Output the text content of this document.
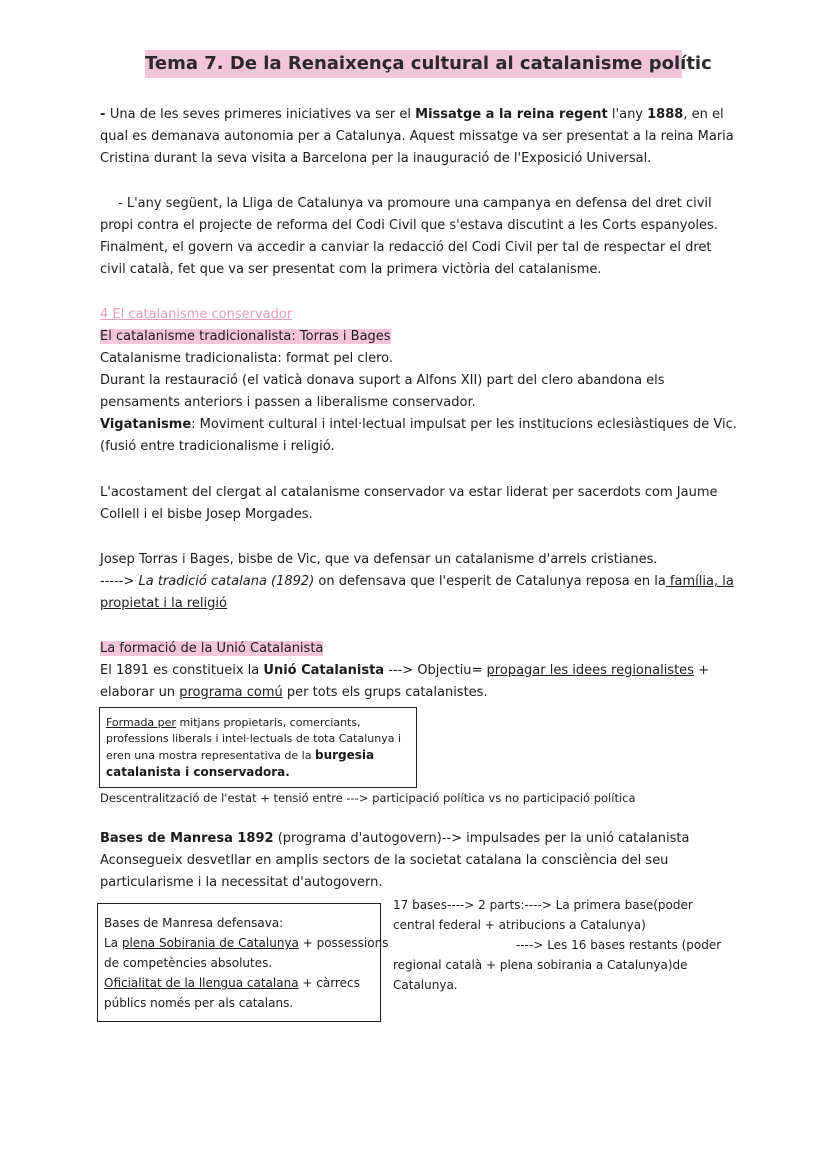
Tema 7. De la Renaixença cultural al catalanisme polític
- Una de les seves primeres iniciatives va ser el Missatge a la reina regent l'any 1888, en el
qual es demanava autonomia per a Catalunya. Aquest missatge va ser presentat a la reina Maria
Cristina durant la seva visita a Barcelona per la inauguració de l'Exposició Universal.
- L'any següent, la Lliga de Catalunya va promoure una campanya en defensa del dret civil
propi contra el projecte de reforma del Codi Civil que s'estava discutint a les Corts espanyoles.
Finalment, el govern va accedir a canviar la redacció del Codi Civil per tal de respectar el dret
civil català, fet que va ser presentat com la primera victòria del catalanisme.
4 El catalanisme conservador
El catalanisme tradicionalista: Torras i Bages
Catalanisme tradicionalista: format pel clero.
Durant la restauració (el vaticà donava suport a Alfons XII) part del clero abandona els
pensaments anteriors i passen a liberalisme conservador.
Vigatanisme: Moviment cultural i intel·lectual impulsat per les institucions eclesiàstiques de Vic.
(fusió entre tradicionalisme i religió.
L'acostament del clergat al catalanisme conservador va estar liderat per sacerdots com Jaume
Collell i el bisbe Josep Morgades.
Josep Torras i Bages, bisbe de Vic, que va defensar un catalanisme d'arrels cristianes.
-----> La tradició catalana (1892) on defensava que l'esperit de Catalunya reposa en la família, la
propietat i la religió
La formació de la Unió Catalanista
El 1891 es constitueix la Unió Catalanista ---> Objectiu= propagar les idees regionalistes +
elaborar un programa comú per tots els grups catalanistes.
Formada per mitjans propietaris, comerciants,
professions liberals i intel·lectuals de tota Catalunya i
eren una mostra representativa de la burgesia
catalanista i conservadora.
Descentralització de l'estat + tensió entre ---> participació política vs no participació política
Bases de Manresa 1892 (programa d'autogovern)--> impulsades per la unió catalanista
Aconsegueix desvetllar en amplis sectors de la societat catalana la consciència del seu
particularisme i la necessitat d'autogovern.
Bases de Manresa defensava:
La plena Sobirania de Catalunya + possessions
de competències absolutes.
Oficialitat de la llengua catalana + càrrecs
públics només per als catalans.
17 bases----> 2 parts:----> La primera base(poder
central federal + atribucions a Catalunya)
----> Les 16 bases restants (poder
regional català + plena sobirania a Catalunya)de
Catalunya.
